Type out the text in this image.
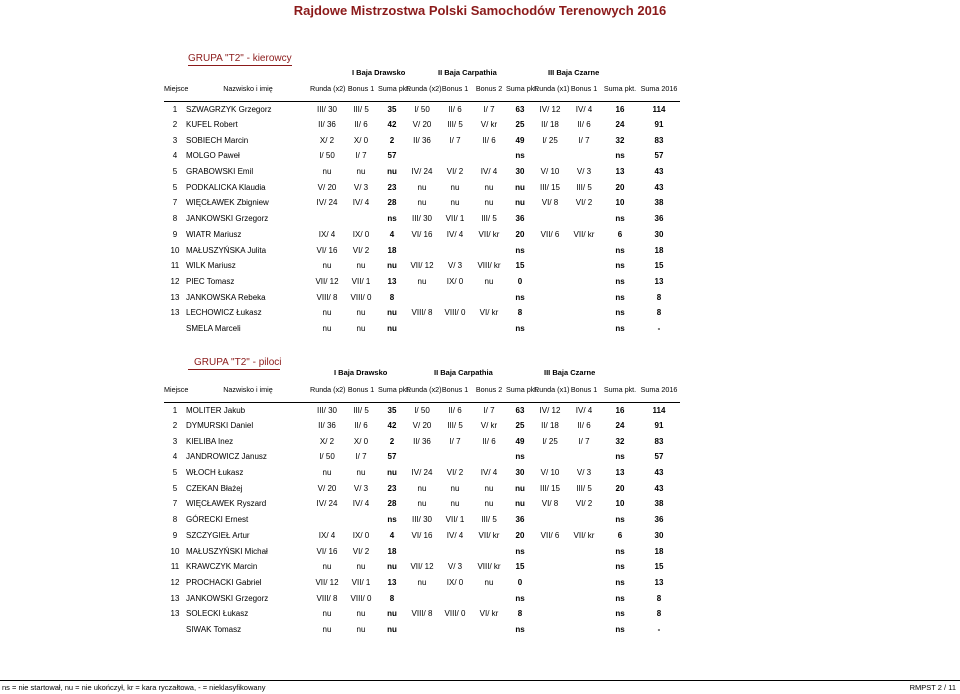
Rajdowe Mistrzostwa Polski Samochodów Terenowych 2016
GRUPA "T2" - kierowcy
I Baja Drawsko	II Baja Carpathia	III Baja Czarne
Miejsce	Nazwisko i imię	Runda (x2)	Bonus 1	Suma pkt.	Runda (x2)	Bonus 1	Bonus 2	Suma pkt.	Runda (x1)	Bonus 1	Suma pkt.	Suma 2016
1	SZWAGRZYK Grzegorz	III/ 30	III/ 5	35	I/ 50	II/ 6	I/ 7	63	IV/ 12	IV/ 4	16	114
2	KUFEL Robert	II/ 36	II/ 6	42	V/ 20	III/ 5	V/ kr	25	II/ 18	II/ 6	24	91
3	SOBIECH Marcin	X/ 2	X/ 0	2	II/ 36	I/ 7	II/ 6	49	I/ 25	I/ 7	32	83
4	MOLGO Paweł	I/ 50	I/ 7	57				ns			ns	57
5	GRABOWSKI Emil	nu	nu	nu	IV/ 24	VI/ 2	IV/ 4	30	V/ 10	V/ 3	13	43
5	PODKALICKA Klaudia	V/ 20	V/ 3	23	nu	nu	nu	nu	III/ 15	III/ 5	20	43
7	WIĘCŁAWEK Zbigniew	IV/ 24	IV/ 4	28	nu	nu	nu	nu	VI/ 8	VI/ 2	10	38
8	JANKOWSKI Grzegorz			ns	III/ 30	VII/ 1	III/ 5	36			ns	36
9	WIATR Mariusz	IX/ 4	IX/ 0	4	VI/ 16	IV/ 4	VII/ kr	20	VII/ 6	VII/ kr	6	30
10	MAŁUSZYŃSKA Julita	VI/ 16	VI/ 2	18				ns			ns	18
11	WILK Mariusz	nu	nu	nu	VII/ 12	V/ 3	VIII/ kr	15			ns	15
12	PIEC Tomasz	VII/ 12	VII/ 1	13	nu	IX/ 0	nu	0			ns	13
13	JANKOWSKA Rebeka	VIII/ 8	VIII/ 0	8				ns			ns	8
13	LECHOWICZ Łukasz	nu	nu	nu	VIII/ 8	VIII/ 0	VI/ kr	8			ns	8
	SMELA Marceli	nu	nu	nu				ns			ns	-
GRUPA "T2" - piloci
I Baja Drawsko	II Baja Carpathia	III Baja Czarne
Miejsce	Nazwisko i imię	Runda (x2)	Bonus 1	Suma pkt.	Runda (x2)	Bonus 1	Bonus 2	Suma pkt.	Runda (x1)	Bonus 1	Suma pkt.	Suma 2016
1	MOLITER Jakub	III/ 30	III/ 5	35	I/ 50	II/ 6	I/ 7	63	IV/ 12	IV/ 4	16	114
2	DYMURSKI Daniel	II/ 36	II/ 6	42	V/ 20	III/ 5	V/ kr	25	II/ 18	II/ 6	24	91
3	KIELIBA Inez	X/ 2	X/ 0	2	II/ 36	I/ 7	II/ 6	49	I/ 25	I/ 7	32	83
4	JANDROWICZ Janusz	I/ 50	I/ 7	57				ns			ns	57
5	WŁOCH Łukasz	nu	nu	nu	IV/ 24	VI/ 2	IV/ 4	30	V/ 10	V/ 3	13	43
5	CZEKAN Błażej	V/ 20	V/ 3	23	nu	nu	nu	nu	III/ 15	III/ 5	20	43
7	WIĘCŁAWEK Ryszard	IV/ 24	IV/ 4	28	nu	nu	nu	nu	VI/ 8	VI/ 2	10	38
8	GÓRECKI Ernest			ns	III/ 30	VII/ 1	III/ 5	36			ns	36
9	SZCZYGIEŁ Artur	IX/ 4	IX/ 0	4	VI/ 16	IV/ 4	VII/ kr	20	VII/ 6	VII/ kr	6	30
10	MAŁUSZYŃSKI Michał	VI/ 16	VI/ 2	18				ns			ns	18
11	KRAWCZYK Marcin	nu	nu	nu	VII/ 12	V/ 3	VIII/ kr	15			ns	15
12	PROCHACKI Gabriel	VII/ 12	VII/ 1	13	nu	IX/ 0	nu	0			ns	13
13	JANKOWSKI Grzegorz	VIII/ 8	VIII/ 0	8				ns			ns	8
13	SOLECKI Łukasz	nu	nu	nu	VIII/ 8	VIII/ 0	VI/ kr	8			ns	8
	SIWAK Tomasz	nu	nu	nu				ns			ns	-
ns = nie startował, nu = nie ukończył, kr = kara ryczałtowa, - = nieklasyfikowany	RMPST 2 / 11
